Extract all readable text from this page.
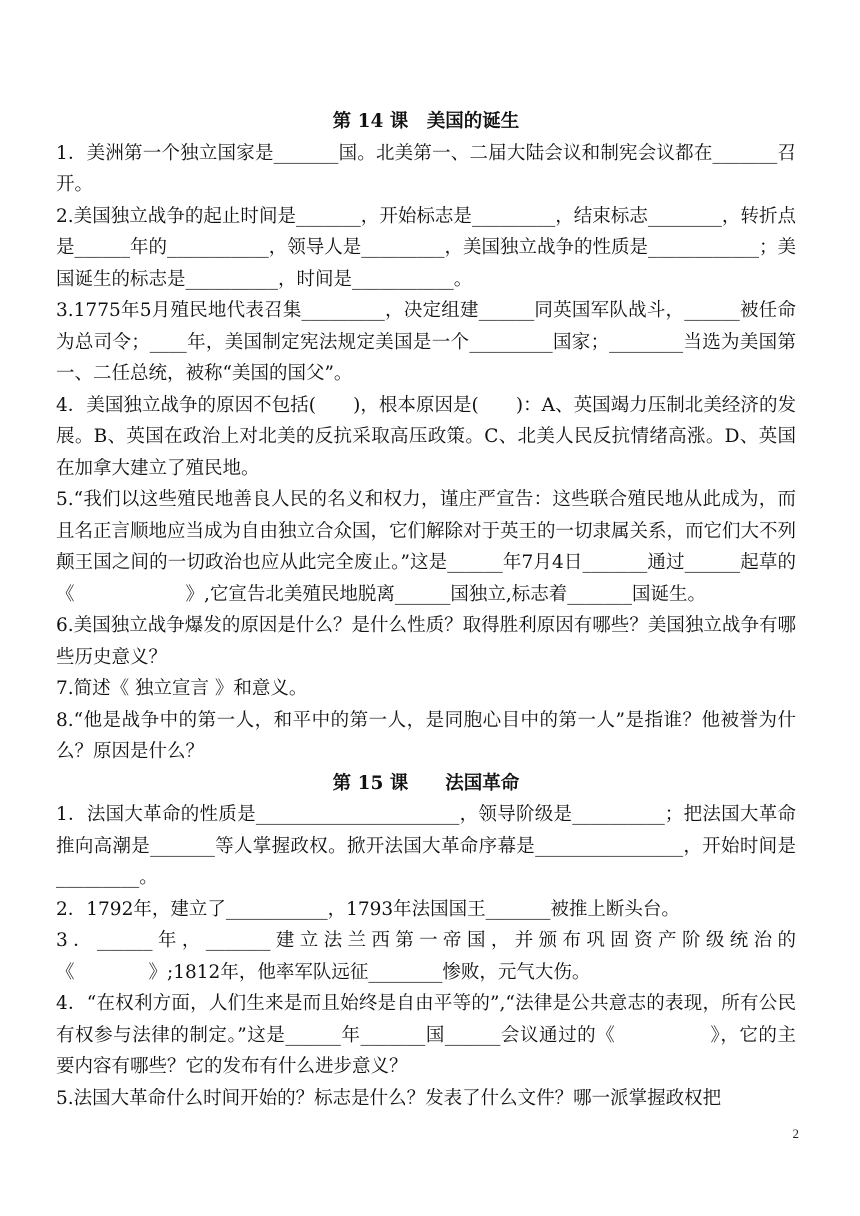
第 14 课　美国的诞生

1．美洲第一个独立国家是_______国。北美第一、二届大陆会议和制宪会议都在_______召开。

2.美国独立战争的起止时间是_______，开始标志是_________，结束标志________，转折点是______年的___________，领导人是_________，美国独立战争的性质是____________；美国诞生的标志是__________，时间是___________。

3.1775年5月殖民地代表召集_________，决定组建______同英国军队战斗，______被任命为总司令；____年，美国制定宪法规定美国是一个_________国家；________当选为美国第一、二任总统，被称“美国的国父”。

4．美国独立战争的原因不包括(　　)，根本原因是(　　)：A、英国竭力压制北美经济的发展。B、英国在政治上对北美的反抗采取高压政策。C、北美人民反抗情绪高涨。D、英国在加拿大建立了殖民地。

5.“我们以这些殖民地善良人民的名义和权力，谨庄严宣告：这些联合殖民地从此成为，而且名正言顺地应当成为自由独立合众国，它们解除对于英王的一切隶属关系，而它们大不列颠王国之间的一切政治也应从此完全废止。”这是______年7月4日_______通过______起草的《　　　　　　》,它宣告北美殖民地脱离______国独立,标志着_______国诞生。

6.美国独立战争爆发的原因是什么？是什么性质？取得胜利原因有哪些？美国独立战争有哪些历史意义？

7.简述《 独立宣言 》和意义。

8.“他是战争中的第一人，和平中的第一人，是同胞心目中的第一人”是指谁？他被誉为什么？原因是什么？

第 15 课　　法国革命

1．法国大革命的性质是______________________，领导阶级是__________；把法国大革命推向高潮是_______等人掌握政权。掀开法国大革命序幕是________________，开始时间是_________。

2．1792年，建立了___________，1793年法国国王_______被推上断头台。

3．______年，_______建立法兰西第一帝国，并颁布巩固资产阶级统治的《　　　　》;1812年，他率军队远征________惨败，元气大伤。

4．“在权利方面，人们生来是而且始终是自由平等的”,“法律是公共意志的表现，所有公民有权参与法律的制定。”这是______年_______国______会议通过的《　　　　　》，它的主要内容有哪些？它的发布有什么进步意义？

5.法国大革命什么时间开始的？标志是什么？发表了什么文件？哪一派掌握政权把

2
